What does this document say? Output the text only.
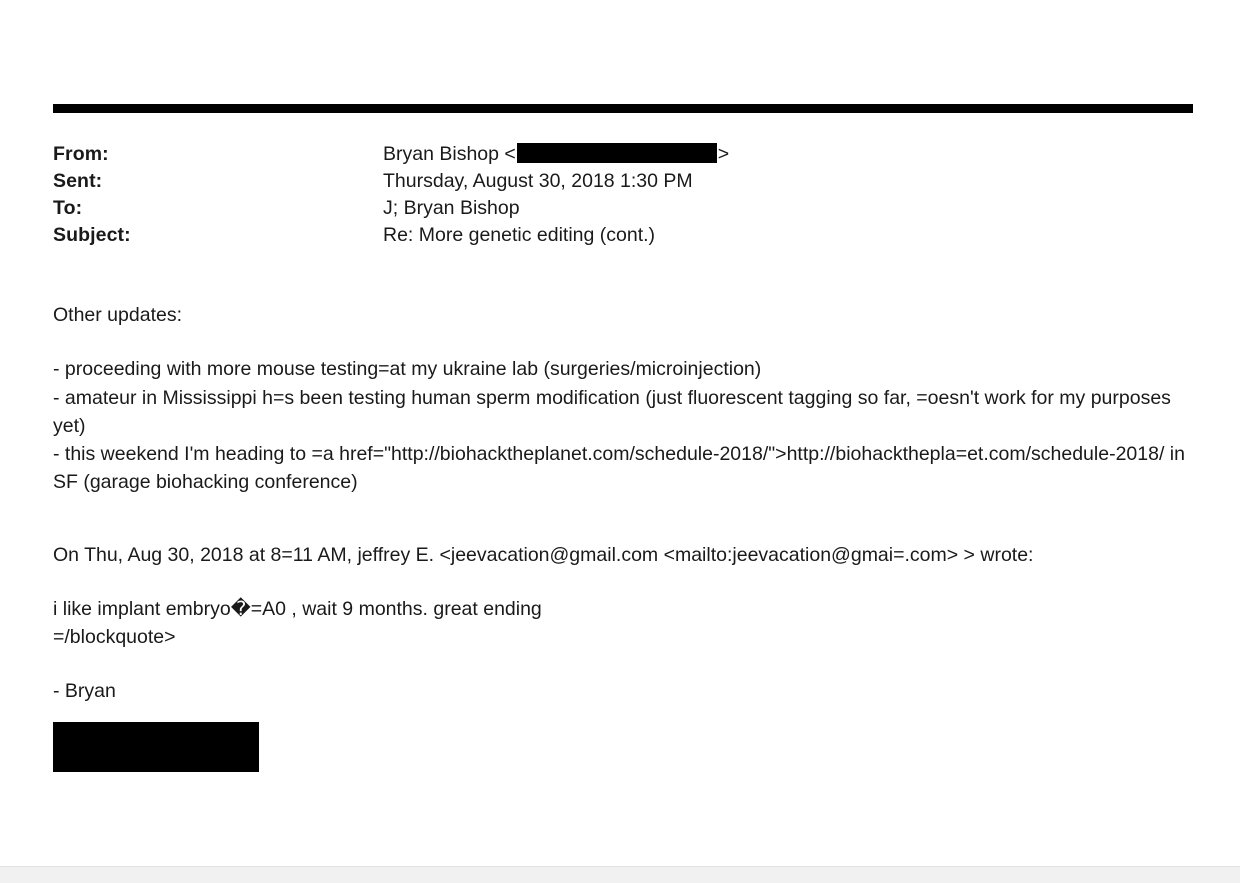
From:	Bryan Bishop <	>
Sent:	Thursday, August 30, 2018 1:30 PM
To:	J; Bryan Bishop
Subject:	Re: More genetic editing (cont.)

Other updates:

- proceeding with more mouse testing=at my ukraine lab (surgeries/microinjection)

- amateur in Mississippi h=s been testing human sperm modification (just fluorescent tagging so far, =oesn't work for my purposes yet)

- this weekend I'm heading to =a href="http://biohacktheplanet.com/schedule-2018/">http://biohackthepla=et.com/schedule-2018/ in SF (garage biohacking conference)

On Thu, Aug 30, 2018 at 8=11 AM, jeffrey E. <jeevacation@gmail.com <mailto:jeevacation@gmai=.com> > wrote:

i like implant embryo�=A0 , wait 9 months. great ending

=/blockquote>

- Bryan
